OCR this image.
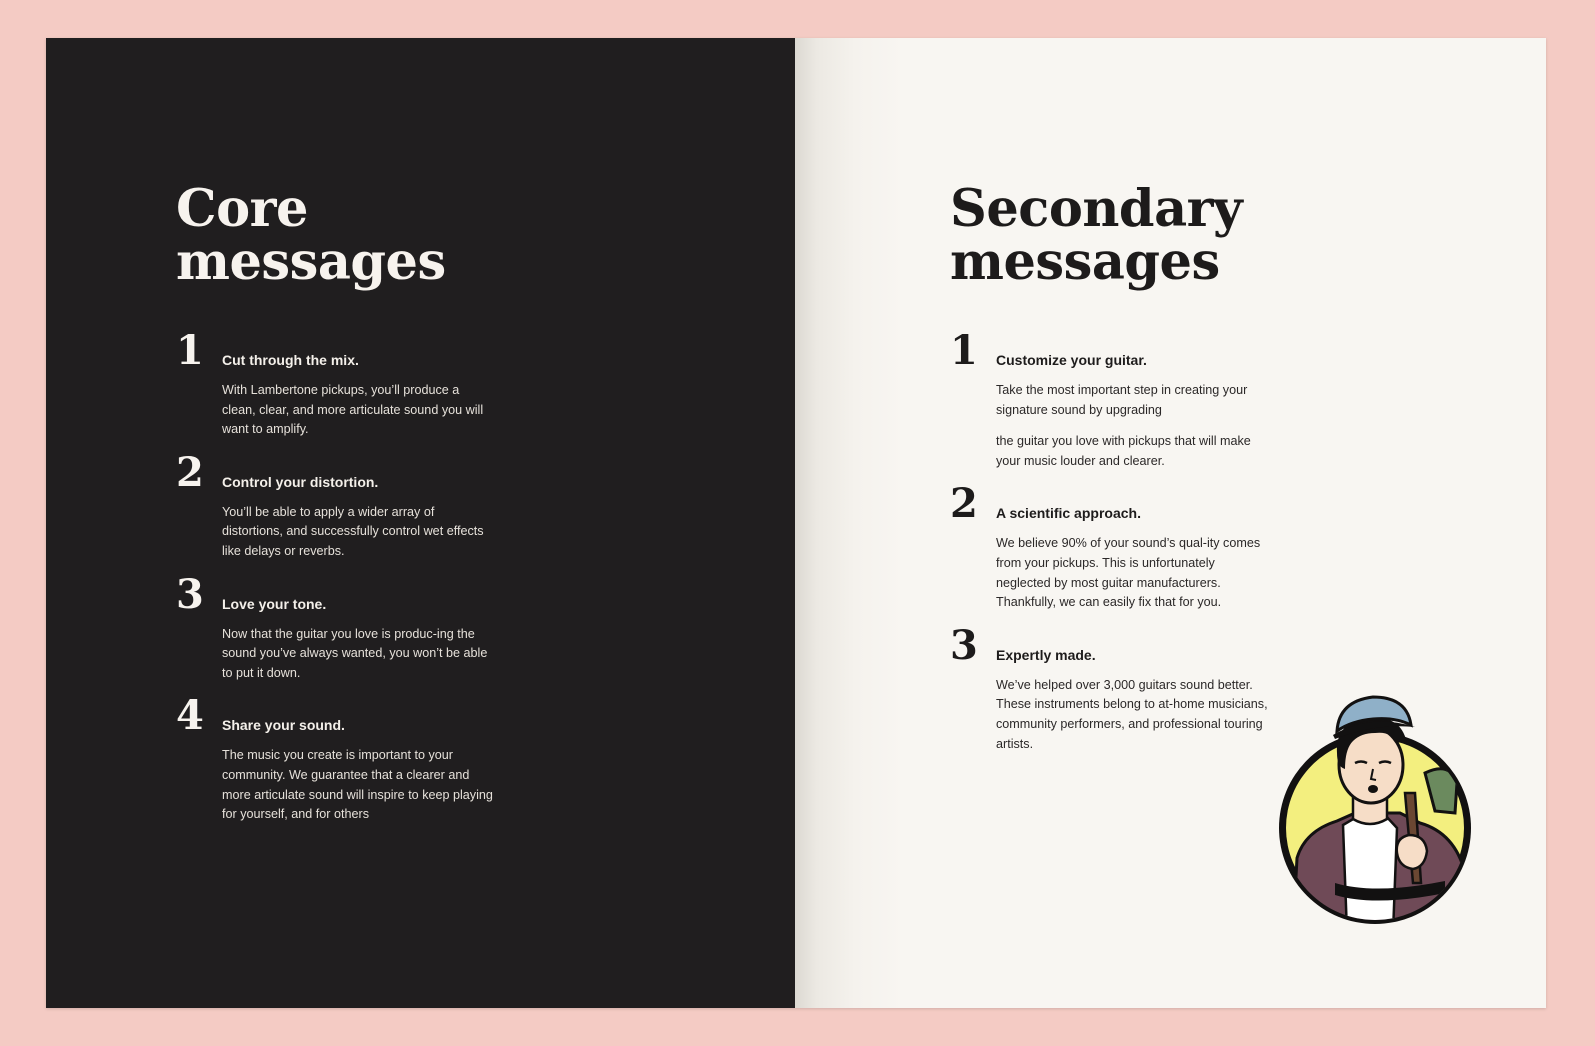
Core
messages
1 Cut through the mix.

With Lambertone pickups, you’ll produce a clean, clear, and more articulate sound you will want to amplify.

2 Control your distortion.

You’ll be able to apply a wider array of distortions, and successfully control wet effects like delays or reverbs.

3 Love your tone.

Now that the guitar you love is produc-ing the sound you’ve always wanted, you won’t be able to put it down.

4 Share your sound.

The music you create is important to your community. We guarantee that a clearer and more articulate sound will inspire to keep playing for yourself, and for others

Secondary
messages
1 Customize your guitar.

Take the most important step in creating your signature sound by upgrading

the guitar you love with pickups that will make your music louder and clearer.

2 A scientific approach.

We believe 90% of your sound’s qual-ity comes from your pickups. This is unfortunately neglected by most guitar manufacturers. Thankfully, we can easily fix that for you.

3 Expertly made.

We’ve helped over 3,000 guitars sound better. These instruments belong to at-home musicians, community performers, and professional touring artists.
